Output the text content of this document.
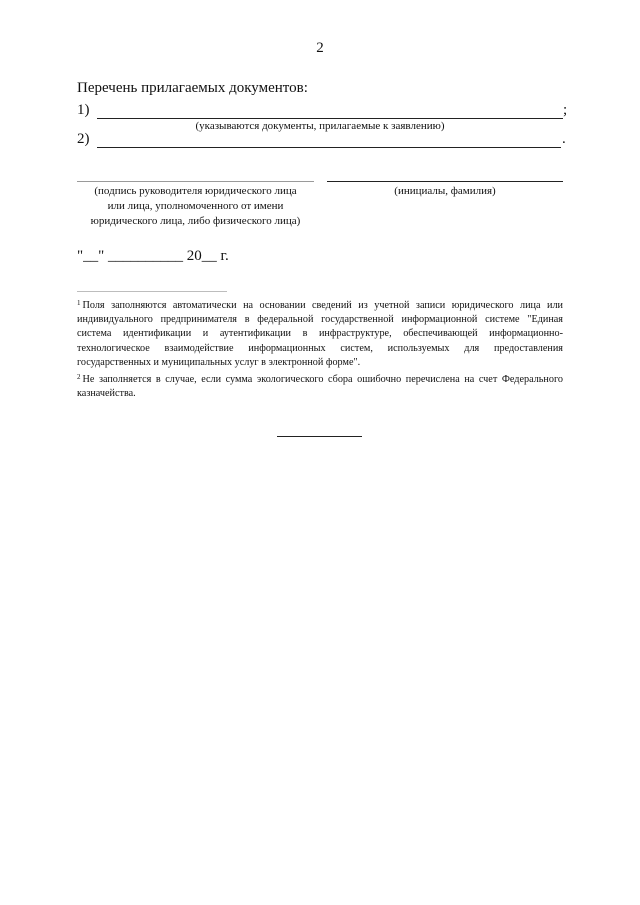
2
Перечень прилагаемых документов:
1)	;
(указываются документы, прилагаемые к заявлению)
2)	.
(подпись руководителя юридического лица
или лица, уполномоченного от имени
юридического лица, либо физического лица)
(инициалы, фамилия)
"__" __________ 20__ г.

$^1$ Поля заполняются автоматически на основании сведений из учетной записи юридического лица или индивидуального предпринимателя в федеральной государственной информационной системе "Единая система идентификации и аутентификации в инфраструктуре, обеспечивающей информационно-технологическое взаимодействие информационных систем, используемых для предоставления государственных и муниципальных услуг в электронной форме".

$^2$ Не заполняется в случае, если сумма экологического сбора ошибочно перечислена на счет Федерального казначейства.
